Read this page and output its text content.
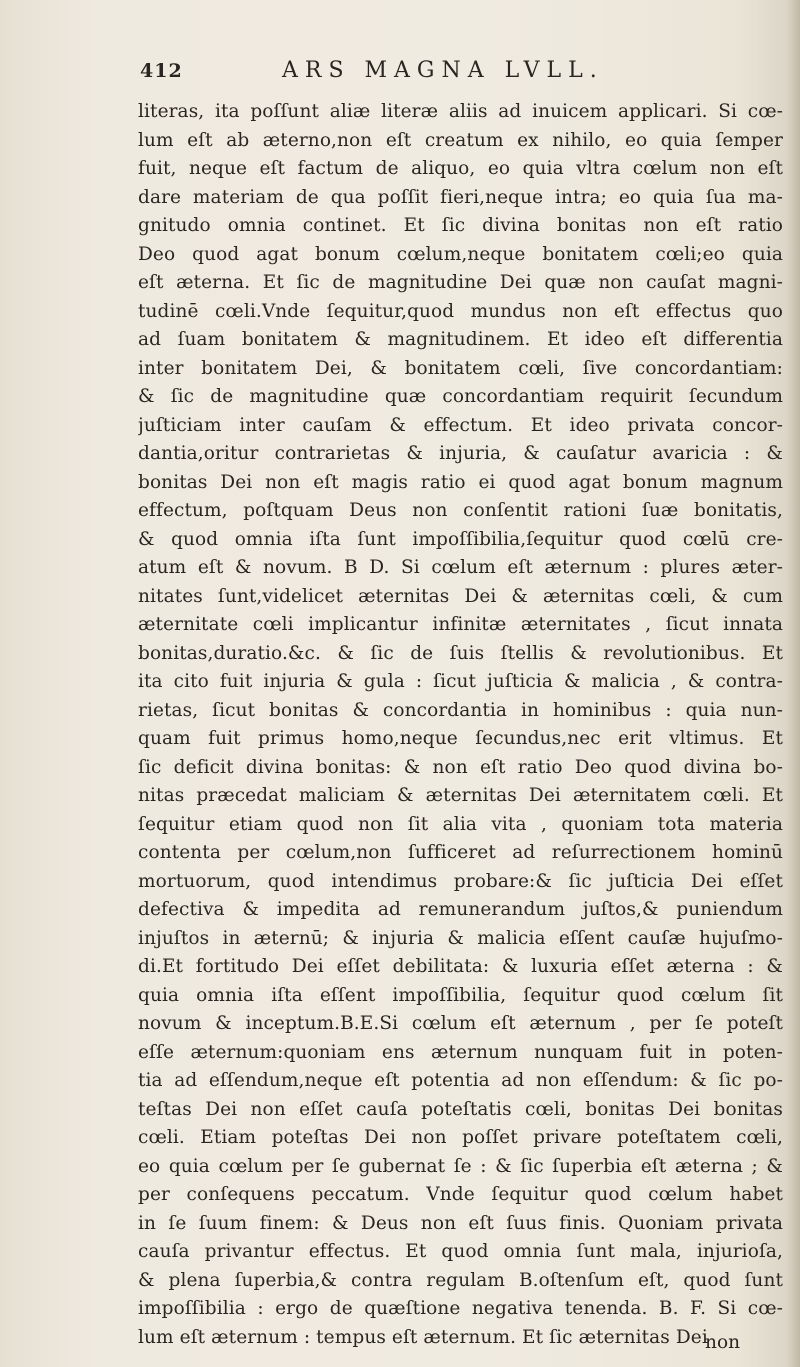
412	ARS MAGNA LVLL.
literas, ita poſſunt aliæ literæ aliis ad inuicem applicari. Si cœ-
lum eſt ab æterno,non eſt creatum ex nihilo, eo quia ſemper
fuit, neque eſt factum de aliquo, eo quia vltra cœlum non eſt
dare materiam de qua poſſit fieri,neque intra; eo quia ſua ma-
gnitudo omnia continet. Et ſic divina bonitas non eſt ratio
Deo quod agat bonum cœlum,neque bonitatem cœli;eo quia
eſt æterna. Et ſic de magnitudine Dei quæ non cauſat magni-
tudinē cœli.Vnde ſequitur,quod mundus non eſt effectus quo
ad ſuam bonitatem & magnitudinem. Et ideo eſt differentia
inter bonitatem Dei, & bonitatem cœli, ſive concordantiam:
& ſic de magnitudine quæ concordantiam requirit ſecundum
juſticiam inter cauſam & effectum. Et ideo privata concor-
dantia,oritur contrarietas & injuria, & cauſatur avaricia : &
bonitas Dei non eſt magis ratio ei quod agat bonum magnum
effectum, poſtquam Deus non conſentit rationi ſuæ bonitatis,
& quod omnia iſta ſunt impoſſibilia,ſequitur quod cœlū cre-
atum eſt & novum. B D. Si cœlum eſt æternum : plures æter-
nitates ſunt,videlicet æternitas Dei & æternitas cœli, & cum
æternitate cœli implicantur infinitæ æternitates , ſicut innata
bonitas,duratio.&c. & ſic de ſuis ſtellis & revolutionibus. Et
ita cito fuit injuria & gula : ſicut juſticia & malicia , & contra-
rietas, ſicut bonitas & concordantia in hominibus : quia nun-
quam fuit primus homo,neque ſecundus,nec erit vltimus. Et
ſic deficit divina bonitas: & non eſt ratio Deo quod divina bo-
nitas præcedat maliciam & æternitas Dei æternitatem cœli. Et
ſequitur etiam quod non ſit alia vita , quoniam tota materia
contenta per cœlum,non ſufficeret ad reſurrectionem hominū
mortuorum, quod intendimus probare:& ſic juſticia Dei eſſet
defectiva & impedita ad remunerandum juſtos,& puniendum
injuſtos in æternū; & injuria & malicia eſſent cauſæ hujuſmo-
di.Et fortitudo Dei eſſet debilitata: & luxuria eſſet æterna : &
quia omnia iſta eſſent impoſſibilia, ſequitur quod cœlum ſit
novum & inceptum.B.E.Si cœlum eſt æternum , per ſe poteſt
eſſe æternum:quoniam ens æternum nunquam fuit in poten-
tia ad eſſendum,neque eſt potentia ad non eſſendum: & ſic po-
teſtas Dei non eſſet cauſa poteſtatis cœli, bonitas Dei bonitas
cœli. Etiam poteſtas Dei non poſſet privare poteſtatem cœli,
eo quia cœlum per ſe gubernat ſe : & ſic ſuperbia eſt æterna ; &
per conſequens peccatum. Vnde ſequitur quod cœlum habet
in ſe ſuum finem: & Deus non eſt ſuus finis. Quoniam privata
cauſa privantur effectus. Et quod omnia ſunt mala, injurioſa,
& plena ſuperbia,& contra regulam B.oſtenſum eſt, quod ſunt
impoſſibilia : ergo de quæſtione negativa tenenda. B. F. Si cœ-
lum eſt æternum : tempus eſt æternum. Et ſic æternitas Dei
non
